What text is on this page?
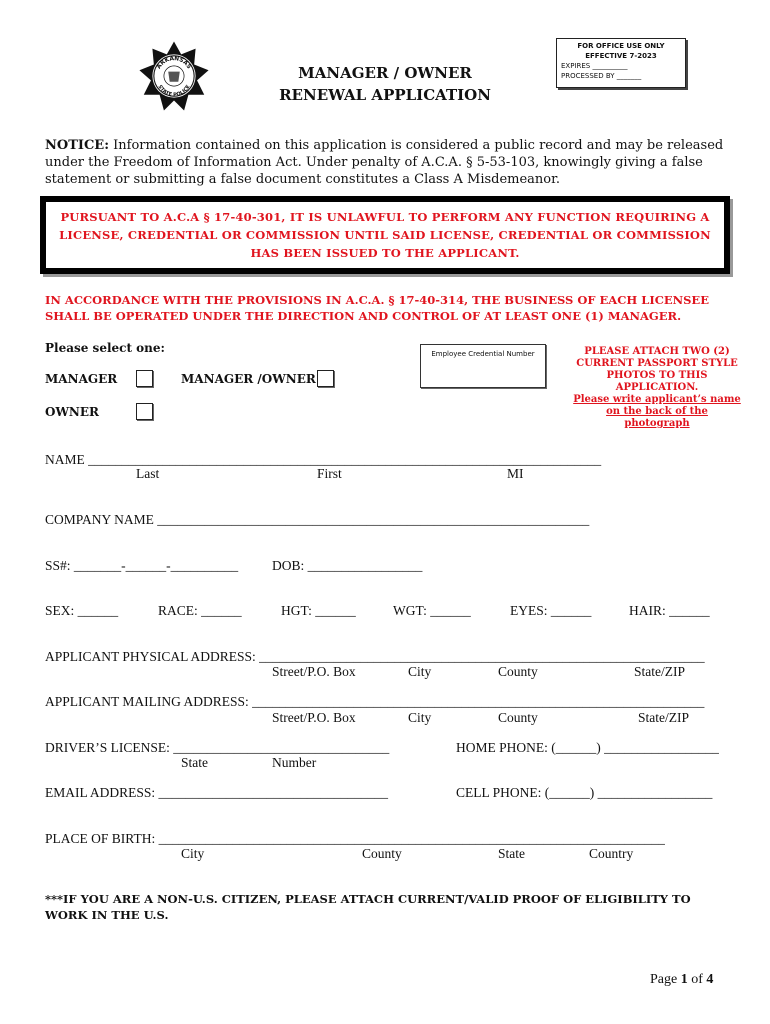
FOR OFFICE USE ONLY
EFFECTIVE 7-2023
EXPIRES __________
PROCESSED BY _______
ARKANSAS
STATE POLICE
MANAGER / OWNER
RENEWAL APPLICATION
NOTICE: Information contained on this application is considered a public record and may be released under the Freedom of Information Act. Under penalty of A.C.A. § 5-53-103, knowingly giving a false statement or submitting a false document constitutes a Class A Misdemeanor.
PURSUANT TO A.C.A § 17-40-301, IT IS UNLAWFUL TO PERFORM ANY FUNCTION REQUIRING A LICENSE, CREDENTIAL OR COMMISSION UNTIL SAID LICENSE, CREDENTIAL OR COMMISSION HAS BEEN ISSUED TO THE APPLICANT.
IN ACCORDANCE WITH THE PROVISIONS IN A.C.A. § 17-40-314, THE BUSINESS OF EACH LICENSEE SHALL BE OPERATED UNDER THE DIRECTION AND CONTROL OF AT LEAST ONE (1) MANAGER.
Please select one:
MANAGER	MANAGER /OWNER
OWNER
Employee Credential Number	PLEASE ATTACH TWO (2)
CURRENT PASSPORT STYLE
PHOTOS TO THIS
APPLICATION.
Please write applicant’s name
on the back of the photograph
NAME ____________________________________________________________________________
Last	First	MI
COMPANY NAME ________________________________________________________________
SS#: _______-______-__________	DOB: _________________
SEX: ______	RACE: ______	HGT: ______	WGT: ______	EYES: ______	HAIR: ______
APPLICANT PHYSICAL ADDRESS: __________________________________________________________________
Street/P.O. Box	City	County	State/ZIP
APPLICANT MAILING ADDRESS: ___________________________________________________________________
Street/P.O. Box	City	County	State/ZIP
DRIVER’S LICENSE: ________________________________	HOME PHONE: (______) _________________
State	Number
EMAIL ADDRESS: __________________________________	CELL PHONE: (______) _________________
PLACE OF BIRTH: ___________________________________________________________________________
City	County	State	Country
***IF YOU ARE A NON-U.S. CITIZEN, PLEASE ATTACH CURRENT/VALID PROOF OF ELIGIBILITY TO WORK IN THE U.S.
Page 1 of 4
